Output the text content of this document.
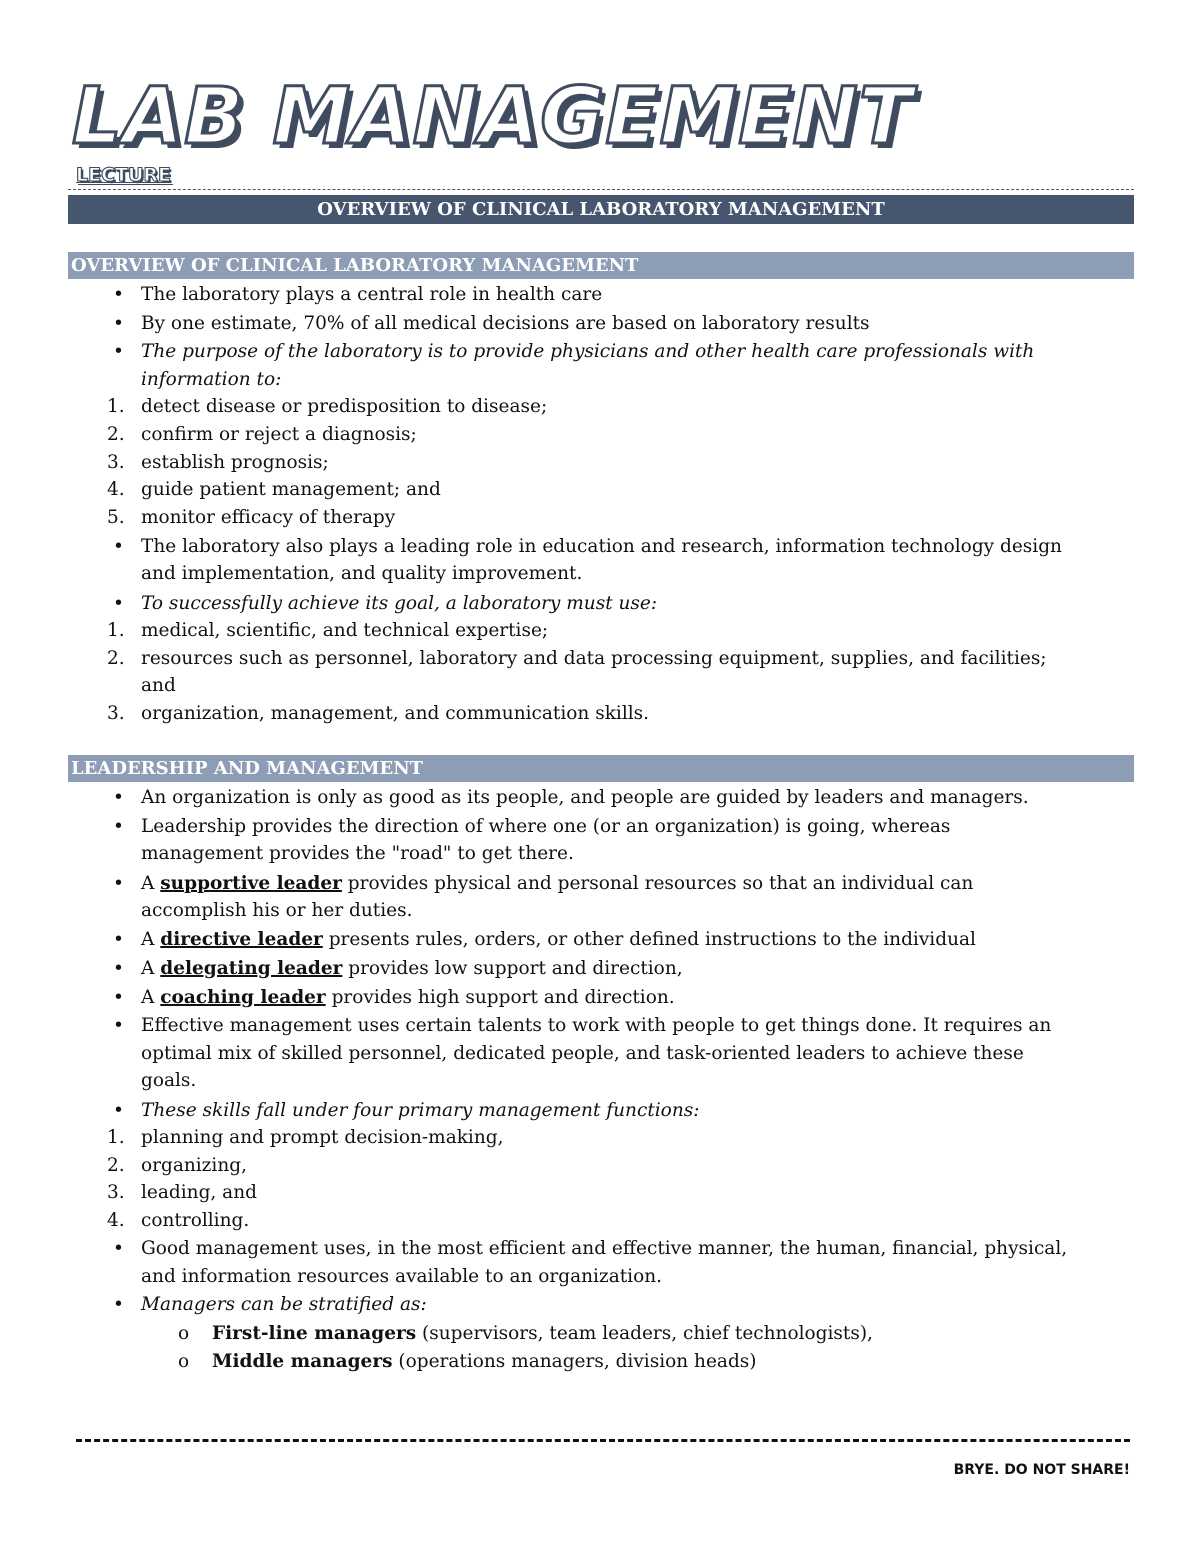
LAB MANAGEMENT
LECTURE
OVERVIEW OF CLINICAL LABORATORY MANAGEMENT
OVERVIEW OF CLINICAL LABORATORY MANAGEMENT
• The laboratory plays a central role in health care
• By one estimate, 70% of all medical decisions are based on laboratory results
• The purpose of the laboratory is to provide physicians and other health care professionals with
information to:
1. detect disease or predisposition to disease;
2. confirm or reject a diagnosis;
3. establish prognosis;
4. guide patient management; and
5. monitor efficacy of therapy
• The laboratory also plays a leading role in education and research, information technology design
and implementation, and quality improvement.
• To successfully achieve its goal, a laboratory must use:
1. medical, scientific, and technical expertise;
2. resources such as personnel, laboratory and data processing equipment, supplies, and facilities;
and
3. organization, management, and communication skills.
LEADERSHIP AND MANAGEMENT
• An organization is only as good as its people, and people are guided by leaders and managers.
• Leadership provides the direction of where one (or an organization) is going, whereas
management provides the "road" to get there.
• A supportive leader provides physical and personal resources so that an individual can
accomplish his or her duties.
• A directive leader presents rules, orders, or other defined instructions to the individual
• A delegating leader provides low support and direction,
• A coaching leader provides high support and direction.
• Effective management uses certain talents to work with people to get things done. It requires an
optimal mix of skilled personnel, dedicated people, and task-oriented leaders to achieve these
goals.
• These skills fall under four primary management functions:
1. planning and prompt decision-making,
2. organizing,
3. leading, and
4. controlling.
• Good management uses, in the most efficient and effective manner, the human, financial, physical,
and information resources available to an organization.
• Managers can be stratified as:
o First-line managers (supervisors, team leaders, chief technologists),
o Middle managers (operations managers, division heads)
BRYE. DO NOT SHARE!
